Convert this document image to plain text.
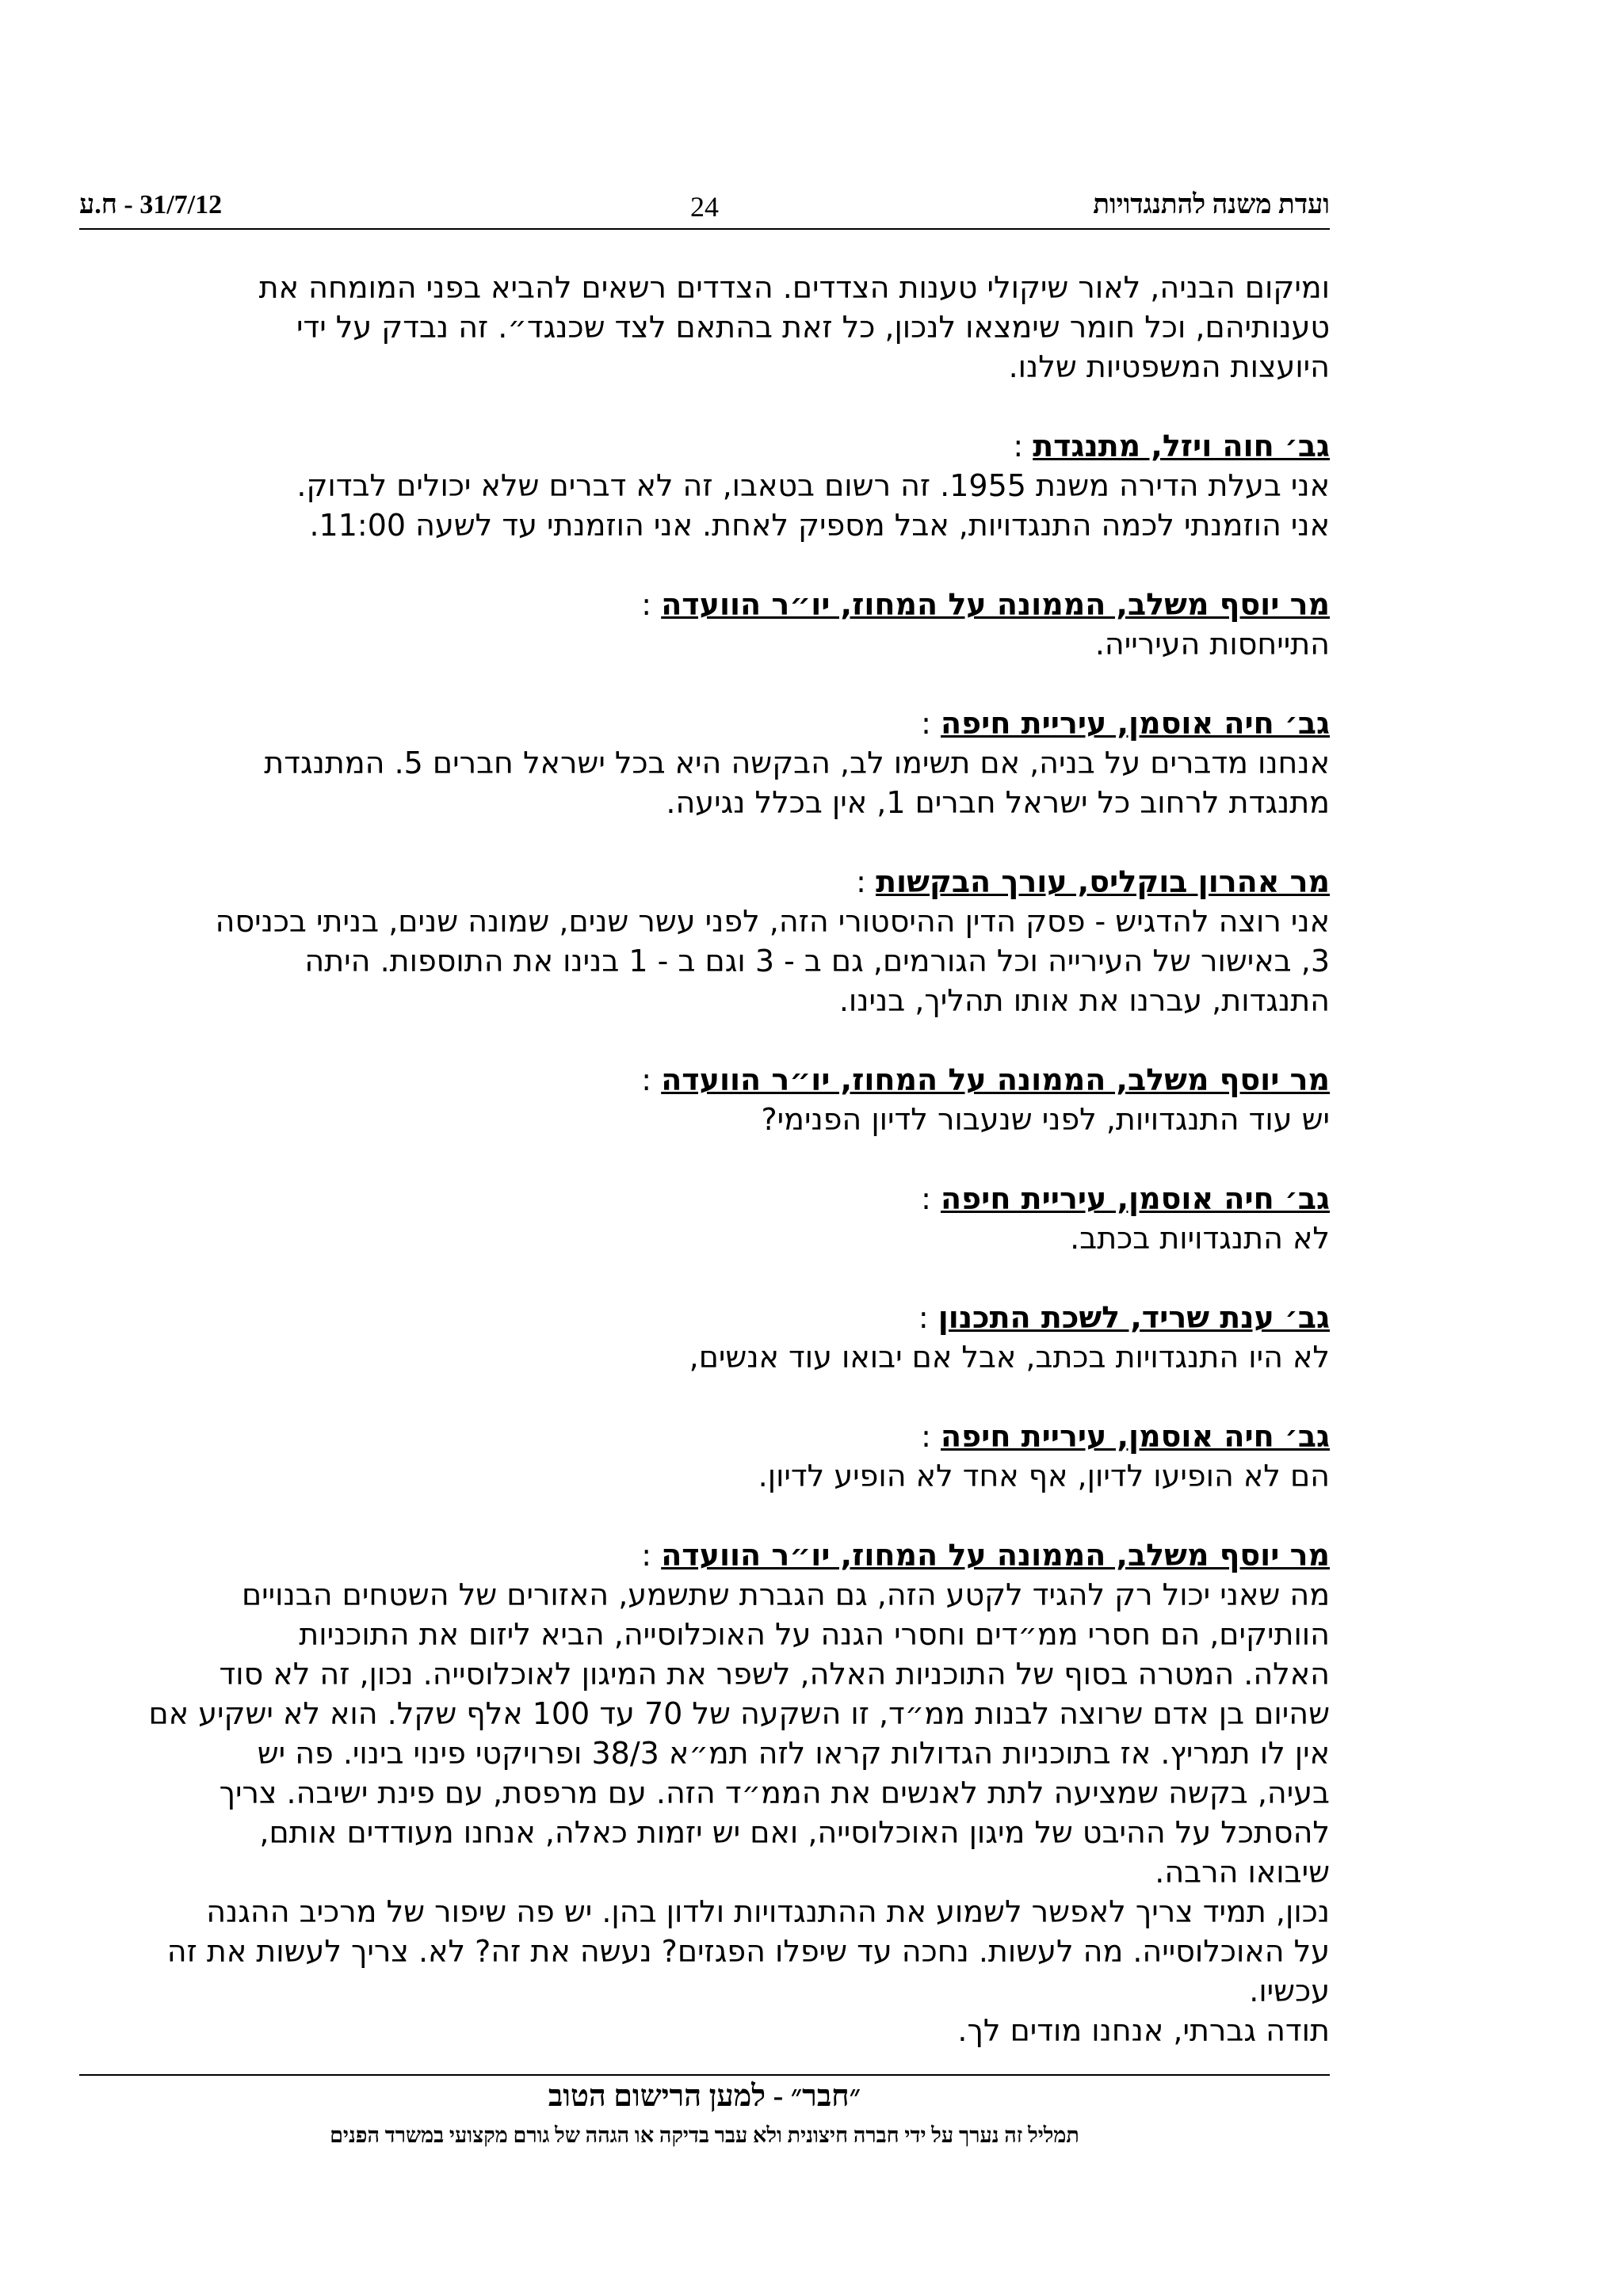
ועדת משנה להתנגדויות
24
31/7/12 - ח.ע
ומיקום הבניה, לאור שיקולי טענות הצדדים. הצדדים רשאים להביא בפני המומחה את
טענותיהם, וכל חומר שימצאו לנכון, כל זאת בהתאם לצד שכנגד״. זה נבדק על ידי
היועצות המשפטיות שלנו.
גב׳ חוה ויזל, מתנגדת :
אני בעלת הדירה משנת 1955. זה רשום בטאבו, זה לא דברים שלא יכולים לבדוק.
אני הוזמנתי לכמה התנגדויות, אבל מספיק לאחת. אני הוזמנתי עד לשעה 11:00.
מר יוסף משלב, הממונה על המחוז, יו״ר הוועדה :
התייחסות העירייה.
גב׳ חיה אוסמן, עיריית חיפה :
אנחנו מדברים על בניה, אם תשימו לב, הבקשה היא בכל ישראל חברים 5. המתנגדת
מתנגדת לרחוב כל ישראל חברים 1, אין בכלל נגיעה.
מר אהרון בוקליס, עורך הבקשות :
אני רוצה להדגיש - פסק הדין ההיסטורי הזה, לפני עשר שנים, שמונה שנים, בניתי בכניסה
3, באישור של העירייה וכל הגורמים, גם ב - 3 וגם ב - 1 בנינו את התוספות. היתה
התנגדות, עברנו את אותו תהליך, בנינו.
מר יוסף משלב, הממונה על המחוז, יו״ר הוועדה :
יש עוד התנגדויות, לפני שנעבור לדיון הפנימי?
גב׳ חיה אוסמן, עיריית חיפה :
לא התנגדויות בכתב.
גב׳ ענת שריד, לשכת התכנון :
לא היו התנגדויות בכתב, אבל אם יבואו עוד אנשים,
גב׳ חיה אוסמן, עיריית חיפה :
הם לא הופיעו לדיון, אף אחד לא הופיע לדיון.
מר יוסף משלב, הממונה על המחוז, יו״ר הוועדה :
מה שאני יכול רק להגיד לקטע הזה, גם הגברת שתשמע, האזורים של השטחים הבנויים
הוותיקים, הם חסרי ממ״דים וחסרי הגנה על האוכלוסייה, הביא ליזום את התוכניות
האלה. המטרה בסוף של התוכניות האלה, לשפר את המיגון לאוכלוסייה. נכון, זה לא סוד
שהיום בן אדם שרוצה לבנות ממ״ד, זו השקעה של 70 עד 100 אלף שקל. הוא לא ישקיע אם
אין לו תמריץ. אז בתוכניות הגדולות קראו לזה תמ״א 38/3 ופרויקטי פינוי בינוי. פה יש
בעיה, בקשה שמציעה לתת לאנשים את הממ״ד הזה. עם מרפסת, עם פינת ישיבה. צריך
להסתכל על ההיבט של מיגון האוכלוסייה, ואם יש יזמות כאלה, אנחנו מעודדים אותם,
שיבואו הרבה.
נכון, תמיד צריך לאפשר לשמוע את ההתנגדויות ולדון בהן. יש פה שיפור של מרכיב ההגנה
על האוכלוסייה. מה לעשות. נחכה עד שיפלו הפגזים? נעשה את זה? לא. צריך לעשות את זה
עכשיו.
תודה גברתי, אנחנו מודים לך.
״חבר״ - למען הרישום הטוב
תמליל זה נערך על ידי חברה חיצונית ולא עבר בדיקה או הגהה של גורם מקצועי במשרד הפנים
